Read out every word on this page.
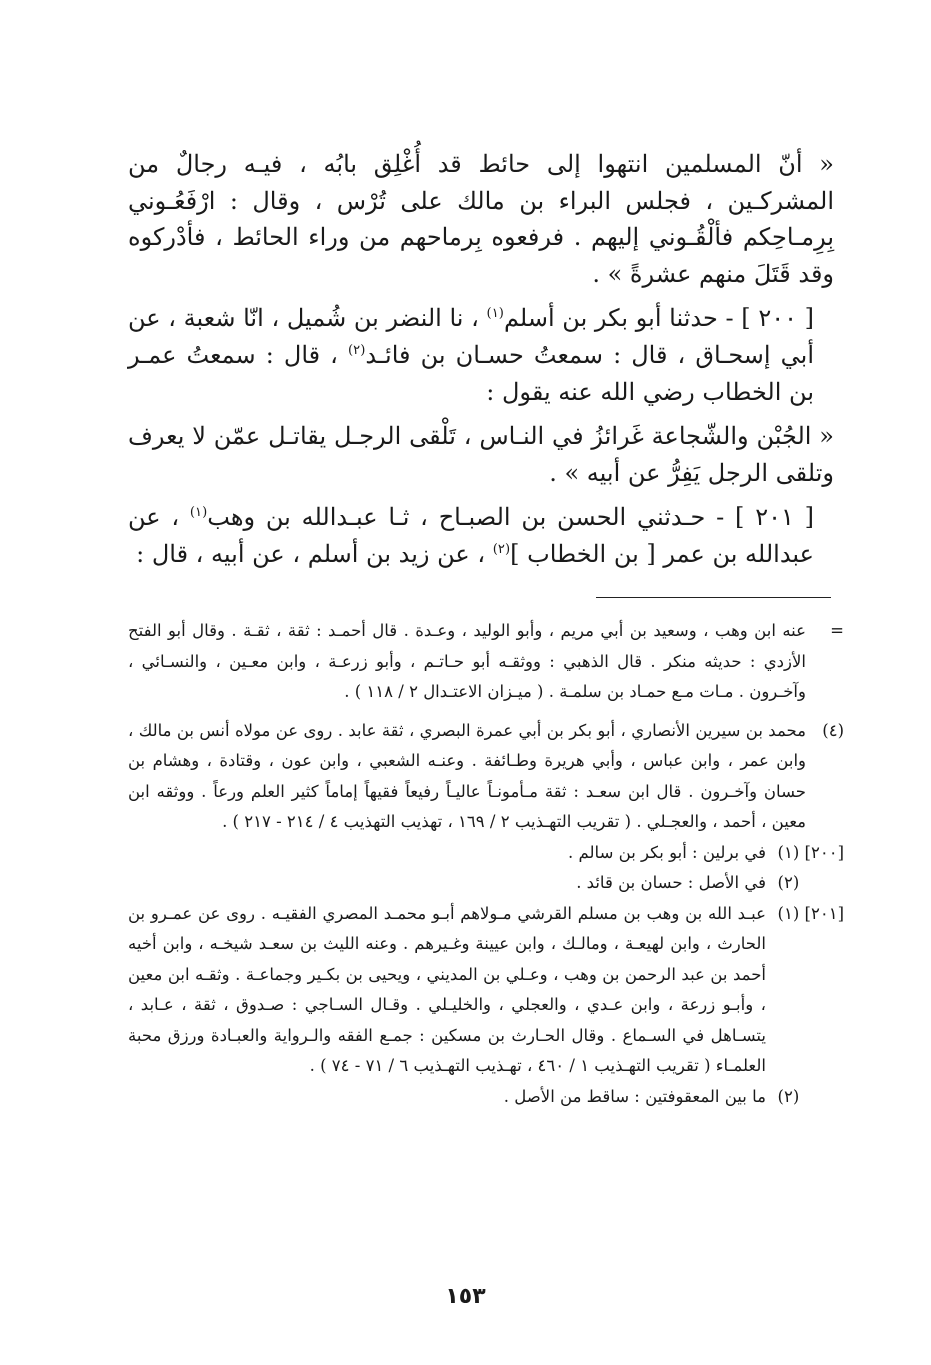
« أنّ المسلمين انتهوا إلى حائط قد أُغْلِق بابُه ، فيـه رجالٌ من المشركـين ، فجلس البراء بن مالك على تُرْس ، وقال : ارْفَعُـوني بِرِمـاحِكم فألْقُـوني إليهم . فرفعوه بِرماحهم من وراء الحائط ، فأدْركوه وقد قَتَلَ منهم عشرةً » .

[ ٢٠٠ ] - حدثنا أبو بكر بن أسلم$^{(١)}$ ، نا النضر بن شُميل ، انّا شعبة ، عن أبي إسحـاق ، قال : سمعتُ حسـان بن فائـد$^{(٢)}$ ، قال : سمعتُ عمـر بن الخطاب رضي الله عنه يقول :

« الجُبْن والشّجاعة غَرائزُ في النـاس ، تَلْقى الرجـل يقاتـل عمّن لا يعرف وتلقى الرجل يَفِرُّ عن أبيه » .

[ ٢٠١ ] - حـدثني الحسن بن الصبـاح ، ثـا عبـدالله بن وهب$^{(١)}$ ، عن عبدالله بن عمر [ بن الخطاب ]$^{(٢)}$ ، عن زيد بن أسلم ، عن أبيه ، قال :

=
عنه ابن وهب ، وسعيد بن أبي مريم ، وأبو الوليد ، وعـدة . قال أحمـد : ثقة ، ثقـة . وقال أبو الفتح الأزدي : حديثه منكر . قال الذهبي : ووثقـه أبو حـاتـم ، وأبو زرعـة ، وابن معـين ، والنسـائي ، وآخـرون . مـات مـع حمـاد بن سلمـة . ( ميـزان الاعتـدال ٢ / ١١٨ ) .
(٤)
محمد بن سيرين الأنصاري ، أبو بكر بن أبي عمرة البصري ، ثقة عابد . روى عن مولاه أنس بن مالك ، وابن عمر ، وابن عباس ، وأبي هريرة وطـائفة . وعنـه الشعبي ، وابن عون ، وقتادة ، وهشام بن حسان وآخـرون . قال ابن سعـد : ثقة مـأمونـاً عاليـاً رفيعاً فقيهاً إماماً كثير العلم ورعاً . ووثقه ابن معين ، أحمد ، والعجـلي . ( تقريب التهـذيب ٢ / ١٦٩ ، تهذيب التهذيب ٤ / ٢١٤ - ٢١٧ ) .
[٢٠٠] (١)
في برلين : أبو بكر بن سالم .
(٢)
في الأصل : حسان بن قائد .
[٢٠١] (١)
عبـد الله بن وهب بن مسلم القرشي مـولاهم أبـو محمـد المصري الفقيـه . روى عن عمـرو بن الحارث ، وابن لهيعـة ، ومالـك ، وابن عيينة وغـيرهم . وعنه الليث بن سعـد شيخـه ، وابن أخيه أحمد بن عبد الرحمن بن وهب ، وعـلي بن المديني ، ويحيى بن بكـير وجماعـة . وثقـه ابن معين ، وأبـو زرعة ، وابن عـدي ، والعجلي ، والخليـلي . وقـال السـاجي : صـدوق ، ثقة ، عـابد ، يتسـاهل في السـماع . وقال الحـارث بن مسكين : جمـع الفقه والـرواية والعبـادة ورزق محبة العلمـاء ( تقريب التهـذيب ١ / ٤٦٠ ، تهـذيب التهـذيب ٦ / ٧١ - ٧٤ ) .
(٢)
ما بين المعقوفتين : ساقط من الأصل .
١٥٣
